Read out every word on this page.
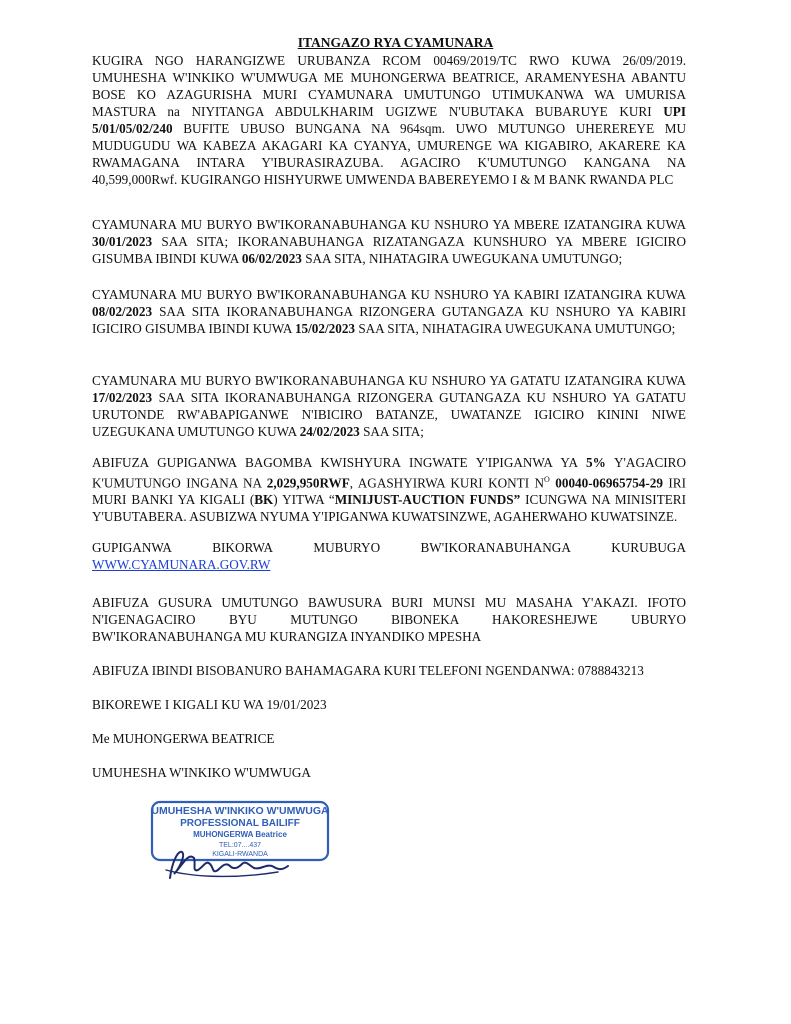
ITANGAZO RYA CYAMUNARA
KUGIRA NGO HARANGIZWE URUBANZA RCOM 00469/2019/TC RWO KUWA 26/09/2019. UMUHESHA W'INKIKO W'UMWUGA ME MUHONGERWA BEATRICE, ARAMENYESHA ABANTU BOSE KO AZAGURISHA MURI CYAMUNARA UMUTUNGO UTIMUKANWA WA UMURISA MASTURA na NIYITANGA ABDULKHARIM UGIZWE N'UBUTAKA BUBARUYE KURI UPI 5/01/05/02/240 BUFITE UBUSO BUNGANA NA 964sqm. UWO MUTUNGO UHEREREYE MU MUDUGUDU WA KABEZA AKAGARI KA CYANYA, UMURENGE WA KIGABIRO, AKARERE KA RWAMAGANA INTARA Y'IBURASIRAZUBA. AGACIRO K'UMUTUNGO KANGANA NA 40,599,000Rwf. KUGIRANGO HISHYURWE UMWENDA BABEREYEMO I & M BANK RWANDA PLC
CYAMUNARA MU BURYO BW'IKORANABUHANGA KU NSHURO YA MBERE IZATANGIRA KUWA 30/01/2023 SAA SITA; IKORANABUHANGA RIZATANGAZA KUNSHURO YA MBERE IGICIRO GISUMBA IBINDI KUWA 06/02/2023 SAA SITA, NIHATAGIRA UWEGUKANA UMUTUNGO;
CYAMUNARA MU BURYO BW'IKORANABUHANGA KU NSHURO YA KABIRI IZATANGIRA KUWA 08/02/2023 SAA SITA IKORANABUHANGA RIZONGERA GUTANGAZA KU NSHURO YA KABIRI IGICIRO GISUMBA IBINDI KUWA 15/02/2023 SAA SITA, NIHATAGIRA UWEGUKANA UMUTUNGO;
CYAMUNARA MU BURYO BW'IKORANABUHANGA KU NSHURO YA GATATU IZATANGIRA KUWA 17/02/2023 SAA SITA IKORANABUHANGA RIZONGERA GUTANGAZA KU NSHURO YA GATATU URUTONDE RW'ABAPIGANWE N'IBICIRO BATANZE, UWATANZE IGICIRO KININI NIWE UZEGUKANA UMUTUNGO KUWA 24/02/2023 SAA SITA;
ABIFUZA GUPIGANWA BAGOMBA KWISHYURA INGWATE Y'IPIGANWA YA 5% Y'AGACIRO K'UMUTUNGO INGANA NA 2,029,950RWF, AGASHYIRWA KURI KONTI $N^O$ 00040-06965754-29 IRI MURI BANKI YA KIGALI (BK) YITWA “MINIJUST-AUCTION FUNDS” ICUNGWA NA MINISITERI Y'UBUTABERA. ASUBIZWA NYUMA Y'IPIGANWA KUWATSINZWE, AGAHERWAHO KUWATSINZE.
GUPIGANWA	BIKORWA	MUBURYO	BW'IKORANABUHANGA	KURUBUGA
WWW.CYAMUNARA.GOV.RW
ABIFUZA GUSURA UMUTUNGO BAWUSURA BURI MUNSI MU MASAHA Y'AKAZI. IFOTO N'IGENAGACIRO BYU MUTUNGO BIBONEKA HAKORESHEJWE UBURYO BW'IKORANABUHANGA MU KURANGIZA INYANDIKO MPESHA
ABIFUZA IBINDI BISOBANURO BAHAMAGARA KURI TELEFONI NGENDANWA: 0788843213
BIKOREWE I KIGALI KU WA 19/01/2023
Me MUHONGERWA BEATRICE
UMUHESHA W'INKIKO W'UMWUGA
UMUHESHA W'INKIKO W'UMWUGA
PROFESSIONAL BAILIFF
MUHONGERWA Beatrice
TEL:07....437
KIGALI-RWANDA
